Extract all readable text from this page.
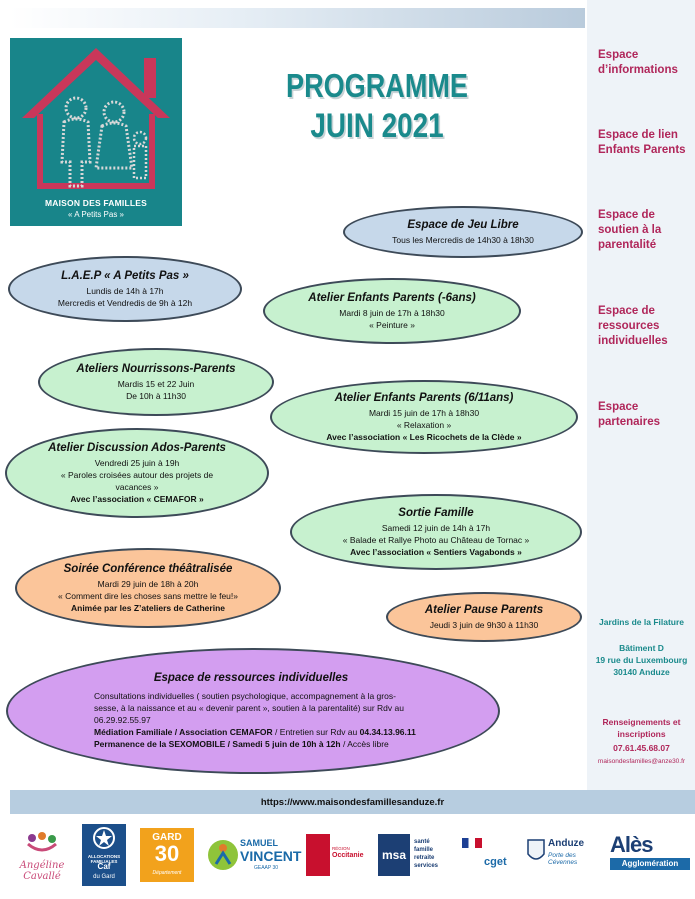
MAISON DES FAMILLES
« A Petits Pas »
PROGRAMME
JUIN 2021
Espace d’informations
Espace de lien Enfants Parents
Espace de soutien à la parentalité
Espace de ressources individuelles
Espace partenaires
Espace de Jeu Libre
Tous les Mercredis de 14h30 à 18h30
L.A.E.P « A Petits Pas »
Lundis de 14h à 17h
Mercredis et Vendredis de 9h à 12h	Atelier Enfants Parents (-6ans)
Mardi 8 juin de 17h à 18h30
« Peinture »
Ateliers Nourrissons-Parents
Mardis 15 et 22 Juin
De 10h à 11h30	Atelier Enfants Parents (6/11ans)
Mardi 15 juin de 17h à 18h30
« Relaxation »
Avec l’association « Les Ricochets de la Clède »
Atelier Discussion Ados-Parents
Vendredi 25 juin à 19h
« Paroles croisées autour des projets de
vacances »
Avec l’association « CEMAFOR »
Sortie Famille
Samedi 12 juin de 14h à 17h
« Balade et Rallye Photo au Château de Tornac »
Avec l’association « Sentiers Vagabonds »
Soirée Conférence théâtralisée
Mardi 29 juin de 18h à 20h
« Comment dire les choses sans mettre le feu!»
Animée par les Z’ateliers de Catherine	Atelier Pause Parents
Jeudi 3 juin de 9h30 à 11h30
Espace de ressources individuelles
Consultations individuelles ( soutien psychologique, accompagnement à la gros-
sesse, à la naissance et au « devenir parent », soutien à la parentalité) sur Rdv au
06.29.92.55.97
Médiation Familiale / Association CEMAFOR / Entretien sur Rdv au 04.34.13.96.11
Permanence de la SEXOMOBILE / Samedi 5 juin de 10h à 12h / Accès libre
Jardins de la Filature
Bâtiment D
19 rue du Luxembourg
30140 Anduze
Renseignements et inscriptions
07.61.45.68.07
maisondesfamilles@anze30.fr
https://www.maisondesfamillesanduze.fr
Angéline Cavallé
ALLOCATIONS FAMILIALES
Caf
du Gard
GARD
30
Département
SAMUEL
VINCENT
GEAAP 30
RÉGION
Occitanie	msa
santé
famille
retraite
services	cget
Anduze
Porte des Cévennes
Alès
Agglomération
